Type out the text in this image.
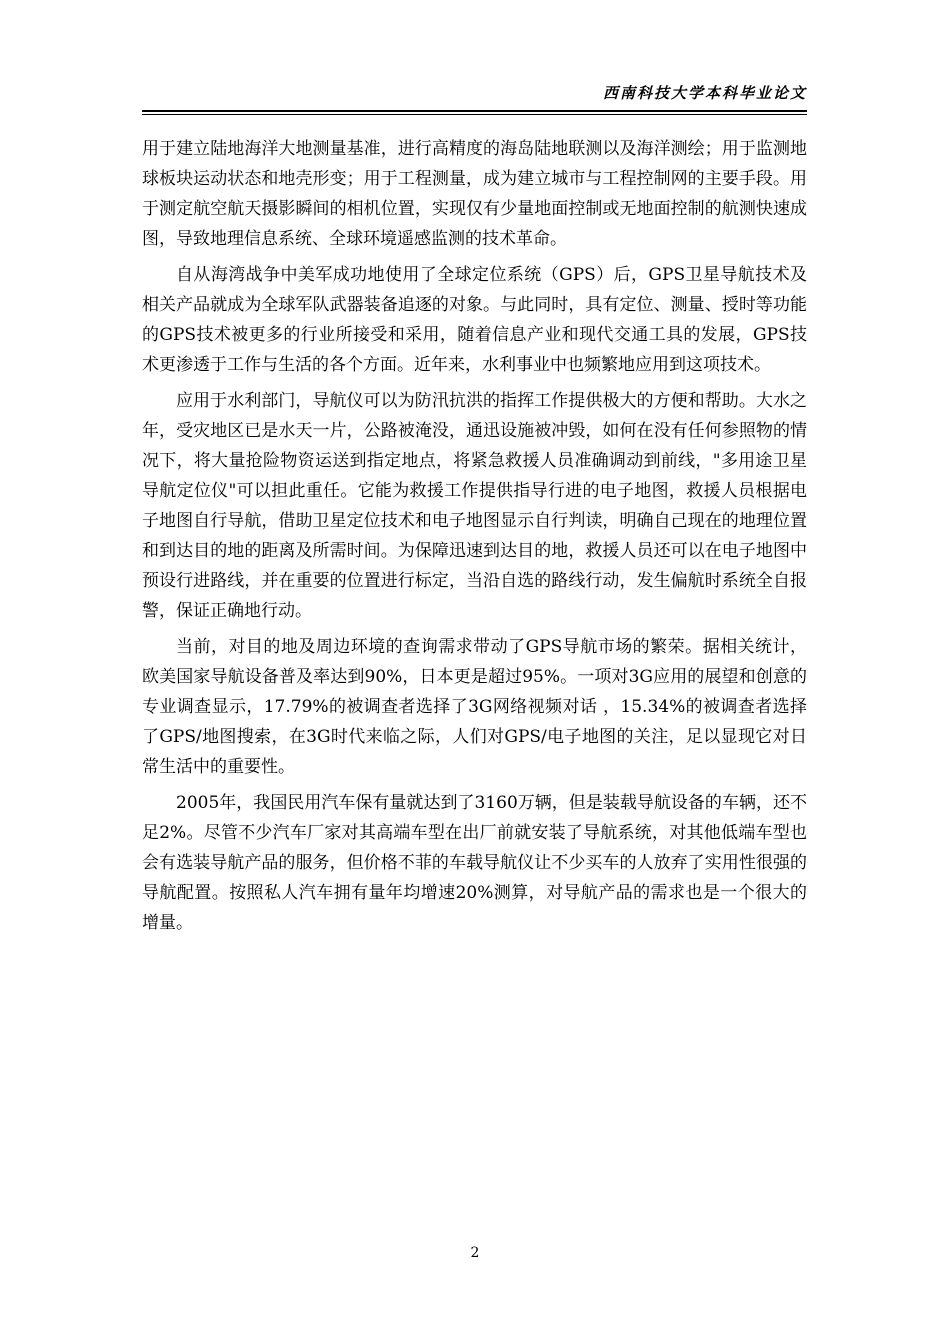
西南科技大学本科毕业论文

用于建立陆地海洋大地测量基准，进行高精度的海岛陆地联测以及海洋测绘；用于监测地球板块运动状态和地壳形变；用于工程测量，成为建立城市与工程控制网的主要手段。用于测定航空航天摄影瞬间的相机位置，实现仅有少量地面控制或无地面控制的航测快速成图，导致地理信息系统、全球环境遥感监测的技术革命。

自从海湾战争中美军成功地使用了全球定位系统（GPS）后，GPS卫星导航技术及相关产品就成为全球军队武器装备追逐的对象。与此同时，具有定位、测量、授时等功能的GPS技术被更多的行业所接受和采用，随着信息产业和现代交通工具的发展，GPS技术更渗透于工作与生活的各个方面。近年来，水利事业中也频繁地应用到这项技术。

应用于水利部门，导航仪可以为防汛抗洪的指挥工作提供极大的方便和帮助。大水之年，受灾地区已是水天一片，公路被淹没，通迅设施被冲毁，如何在没有任何参照物的情况下，将大量抢险物资运送到指定地点，将紧急救援人员准确调动到前线，"多用途卫星导航定位仪"可以担此重任。它能为救援工作提供指导行进的电子地图，救援人员根据电子地图自行导航，借助卫星定位技术和电子地图显示自行判读，明确自己现在的地理位置和到达目的地的距离及所需时间。为保障迅速到达目的地，救援人员还可以在电子地图中预设行进路线，并在重要的位置进行标定，当沿自选的路线行动，发生偏航时系统全自报警，保证正确地行动。

当前，对目的地及周边环境的查询需求带动了GPS导航市场的繁荣。据相关统计，欧美国家导航设备普及率达到90%，日本更是超过95%。一项对3G应用的展望和创意的专业调查显示，17.79%的被调查者选择了3G网络视频对话 ，15.34%的被调查者选择了GPS/地图搜索，在3G时代来临之际，人们对GPS/电子地图的关注，足以显现它对日常生活中的重要性。

2005年，我国民用汽车保有量就达到了3160万辆，但是装载导航设备的车辆，还不足2%。尽管不少汽车厂家对其高端车型在出厂前就安装了导航系统，对其他低端车型也会有选装导航产品的服务，但价格不菲的车载导航仪让不少买车的人放弃了实用性很强的导航配置。按照私人汽车拥有量年均增速20%测算，对导航产品的需求也是一个很大的增量。

2
